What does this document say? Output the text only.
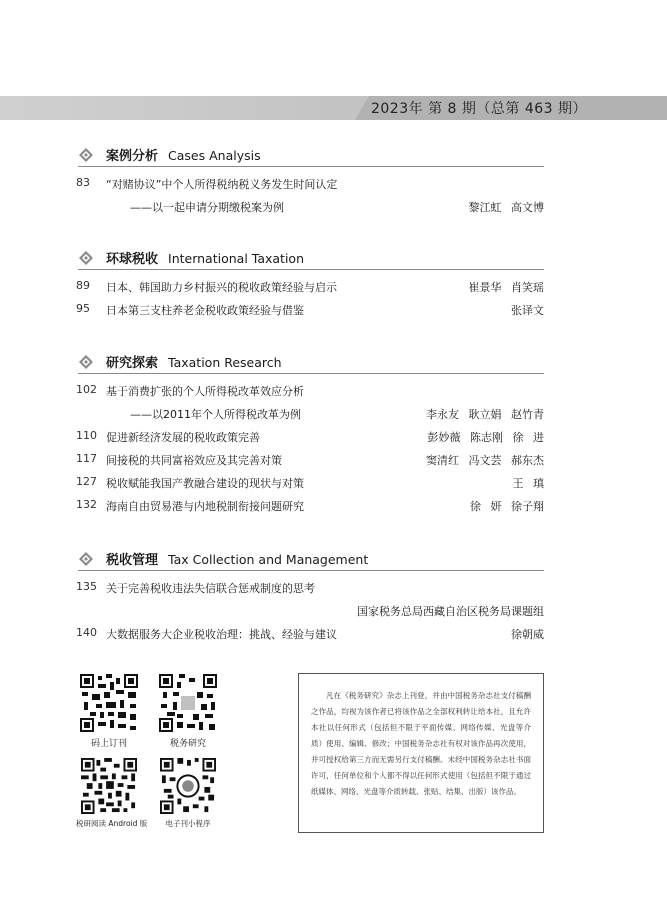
2023年 第 8 期（总第 463 期）
案例分析 Cases Analysis
83	“对赌协议”中个人所得税纳税义务发生时间认定
——以一起申请分期缴税案为例	黎江虹 高文博
环球税收 International Taxation
89	日本、韩国助力乡村振兴的税收政策经验与启示	崔景华 肖笑瑶
95	日本第三支柱养老金税收政策经验与借鉴	张译文
研究探索 Taxation Research
102 基于消费扩张的个人所得税改革效应分析
——以2011年个人所得税改革为例	李永友 耿立娟 赵竹青
110 促进新经济发展的税收政策完善	彭妙薇 陈志刚 徐 进
117 间接税的共同富裕效应及其完善对策	窦清红 冯文芸 郝东杰
127 税收赋能我国产教融合建设的现状与对策	王 瑱
132 海南自由贸易港与内地税制衔接问题研究	徐 妍 徐子翔
税收管理 Tax Collection and Management
135 关于完善税收违法失信联合惩戒制度的思考
国家税务总局西藏自治区税务局课题组
140 大数据服务大企业税收治理：挑战、经验与建议	徐朝威
码上订刊	税务研究
税研阅读 Android 版	电子刊小程序
凡在《税务研究》杂志上刊登，并由中国税务杂志社支付稿酬之作品，均视为该作者已将该作品之全部权利转让给本社，且允许本社以任何形式（包括但不限于平面传媒、网络传媒、光盘等介质）使用、编辑、修改；中国税务杂志社有权对该作品再次使用，并可授权给第三方而无需另行支付稿酬。未经中国税务杂志社书面许可，任何单位和个人都不得以任何形式使用（包括但不限于通过纸媒体、网络、光盘等介质转载、张贴、结集、出版）该作品。
